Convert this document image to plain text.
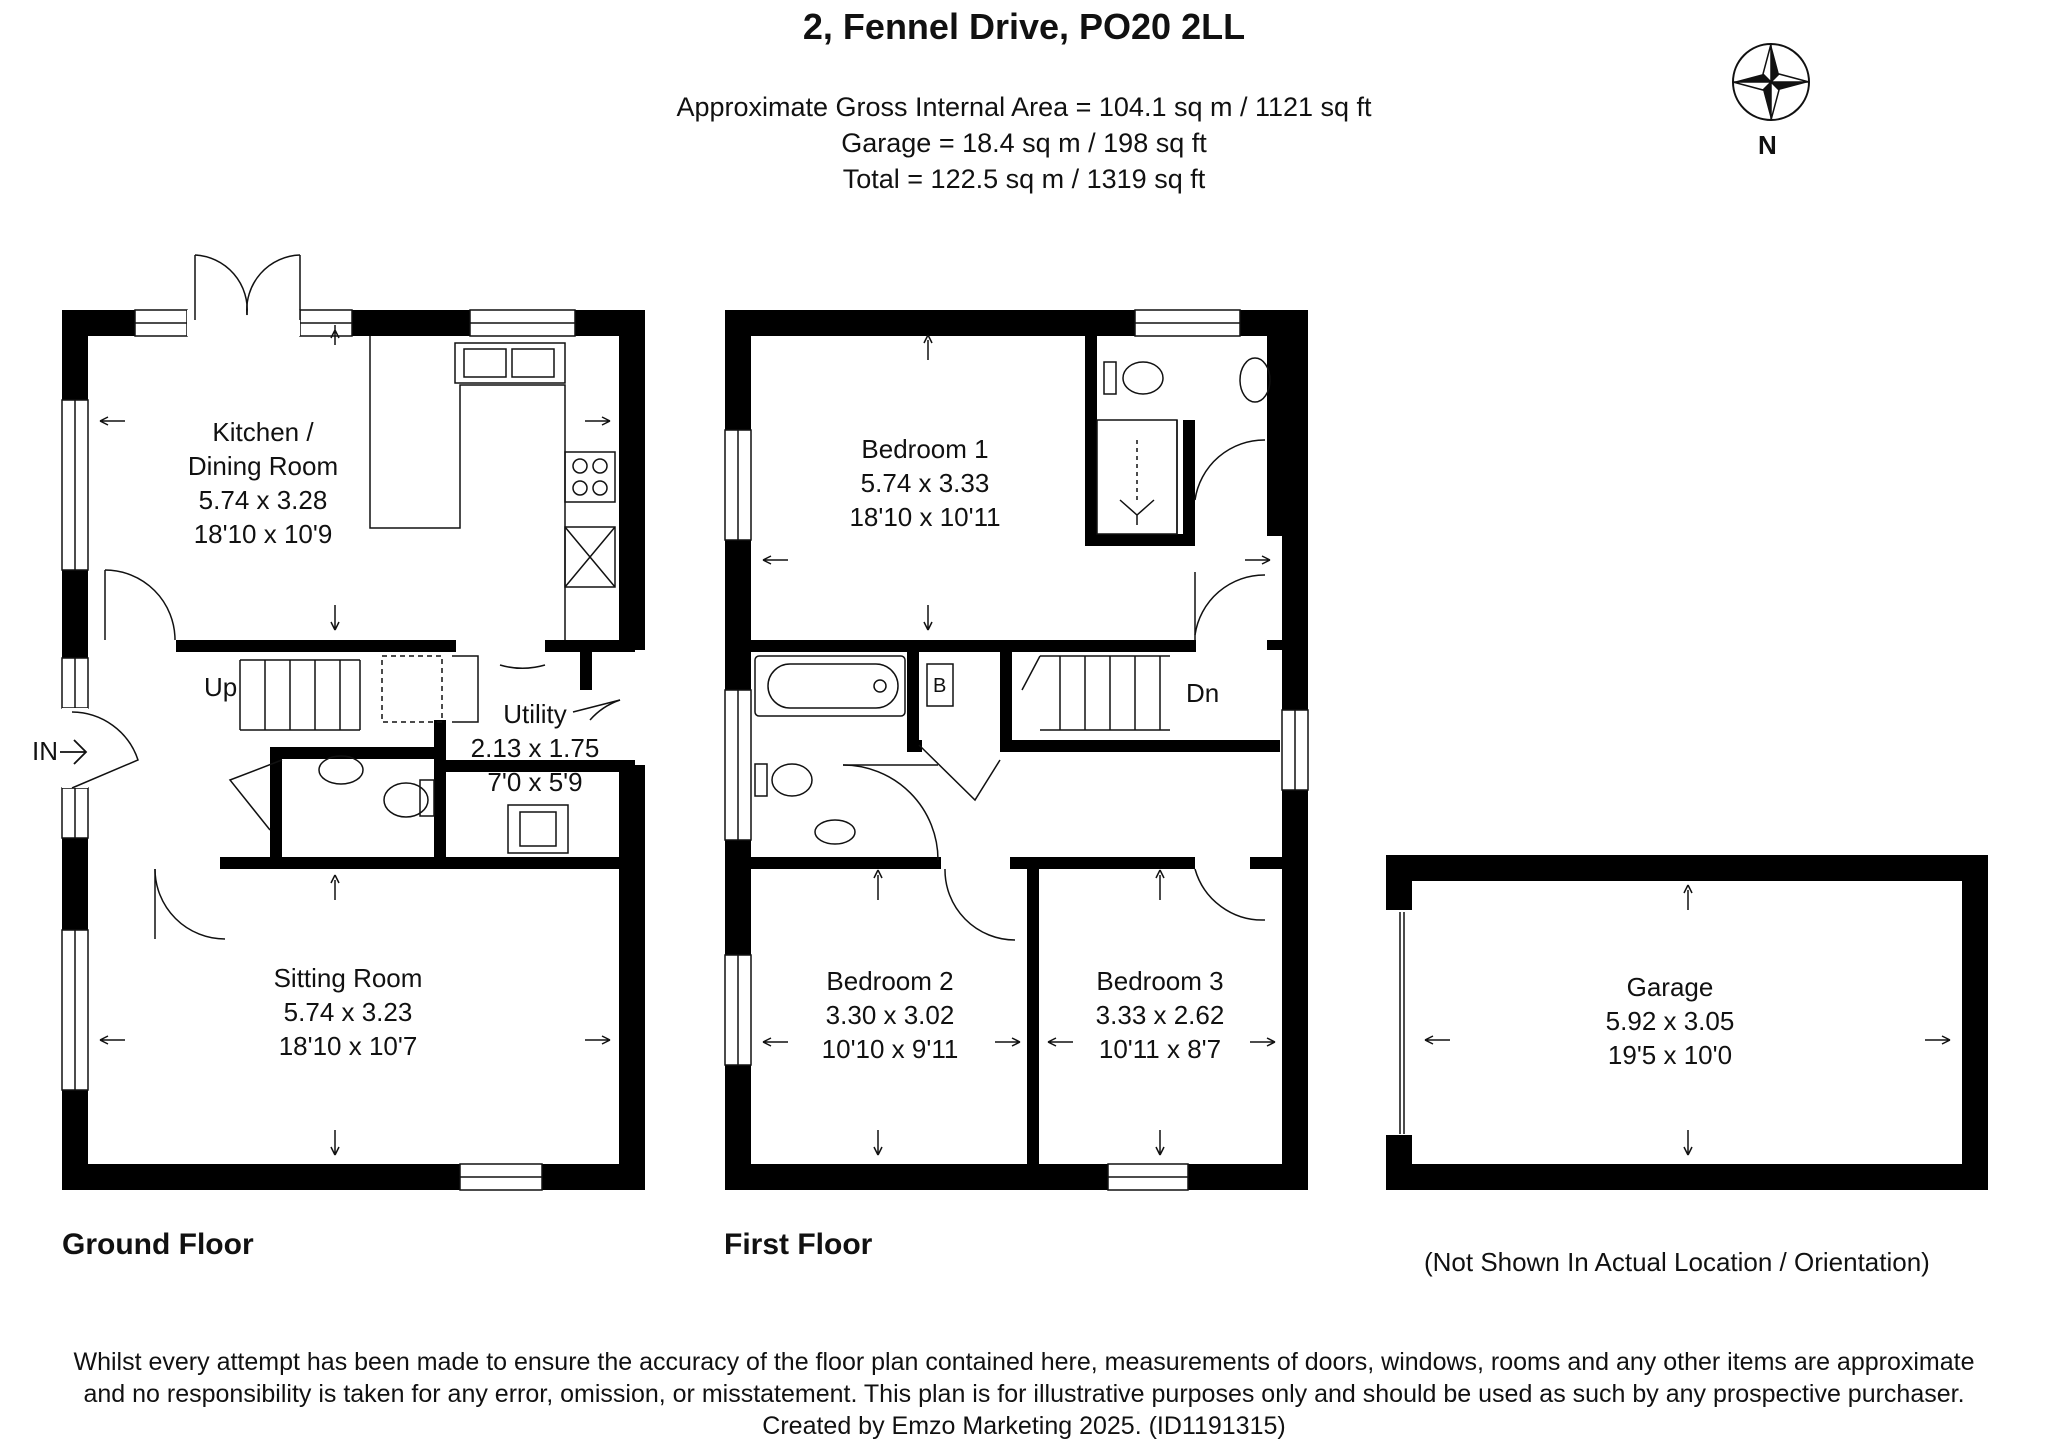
2, Fennel Drive, PO20 2LL
Approximate Gross Internal Area = 104.1 sq m / 1121 sq ft
Garage = 18.4 sq m / 198 sq ft
Total = 122.5 sq m / 1319 sq ft
N
IN
Up	Dn
B
Kitchen /
Dining Room
5.74 x 3.28
18'10 x 10'9
Utility
2.13 x 1.75
7'0 x 5'9
Sitting Room
5.74 x 3.23
18'10 x 10'7
Bedroom 1
5.74 x 3.33
18'10 x 10'11
Bedroom 2
3.30 x 3.02
10'10 x 9'11
Bedroom 3
3.33 x 2.62
10'11 x 8'7
Garage
5.92 x 3.05
19'5 x 10'0
Ground Floor	First Floor
(Not Shown In Actual Location / Orientation)
Whilst every attempt has been made to ensure the accuracy of the floor plan contained here, measurements of doors, windows, rooms and any other items are approximate
and no responsibility is taken for any error, omission, or misstatement. This plan is for illustrative purposes only and should be used as such by any prospective purchaser.
Created by Emzo Marketing 2025. (ID1191315)
